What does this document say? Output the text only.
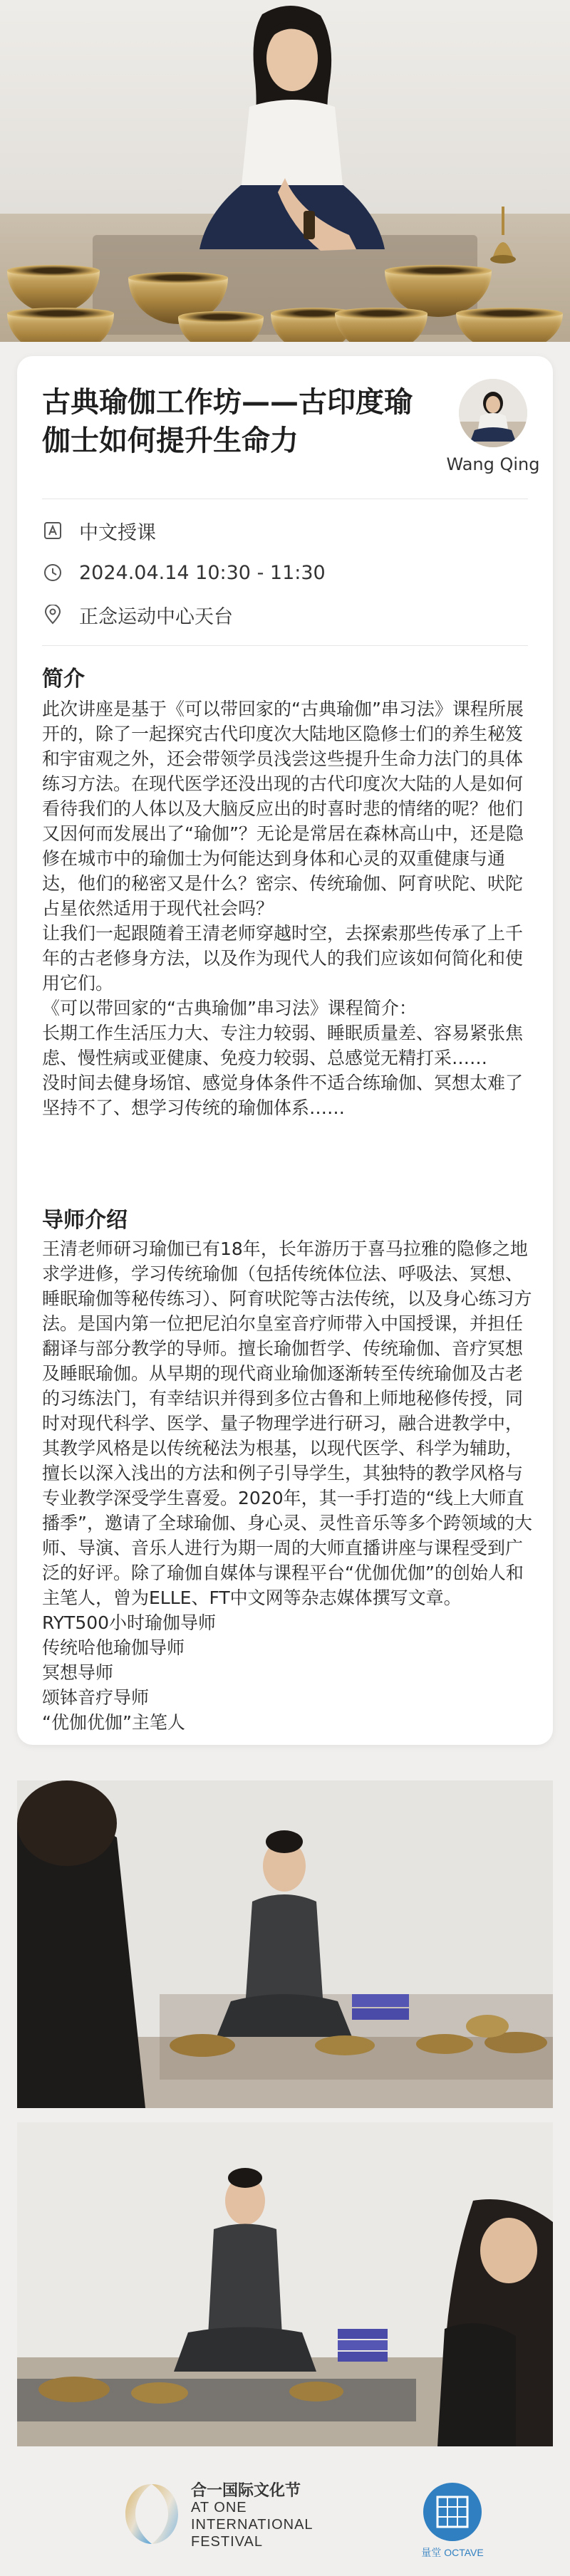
古典瑜伽工作坊——古印度瑜伽士如何提升生命力
Wang Qing
中文授课
2024.04.14 10:30 - 11:30
正念运动中心天台
简介

此次讲座是基于《可以带回家的“古典瑜伽”串习法》课程所展开的，除了一起探究古代印度次大陆地区隐修士们的养生秘笈和宇宙观之外，还会带领学员浅尝这些提升生命力法门的具体练习方法。在现代医学还没出现的古代印度次大陆的人是如何看待我们的人体以及大脑反应出的时喜时悲的情绪的呢？他们又因何而发展出了“瑜伽”？无论是常居在森林高山中，还是隐修在城市中的瑜伽士为何能达到身体和心灵的双重健康与通达，他们的秘密又是什么？密宗、传统瑜伽、阿育吠陀、吠陀占星依然适用于现代社会吗？

让我们一起跟随着王清老师穿越时空，去探索那些传承了上千年的古老修身方法，以及作为现代人的我们应该如何简化和使用它们。

《可以带回家的“古典瑜伽”串习法》课程简介：

长期工作生活压力大、专注力较弱、睡眠质量差、容易紧张焦虑、慢性病或亚健康、免疫力较弱、总感觉无精打采……

没时间去健身场馆、感觉身体条件不适合练瑜伽、冥想太难了坚持不了、想学习传统的瑜伽体系……

导师介绍

王清老师研习瑜伽已有18年，长年游历于喜马拉雅的隐修之地求学进修，学习传统瑜伽（包括传统体位法、呼吸法、冥想、睡眠瑜伽等秘传练习）、阿育吠陀等古法传统，以及身心练习方法。是国内第一位把尼泊尔皇室音疗师带入中国授课，并担任翻译与部分教学的导师。擅长瑜伽哲学、传统瑜伽、音疗冥想及睡眠瑜伽。从早期的现代商业瑜伽逐渐转至传统瑜伽及古老的习练法门，有幸结识并得到多位古鲁和上师地秘修传授，同时对现代科学、医学、量子物理学进行研习，融合进教学中，其教学风格是以传统秘法为根基，以现代医学、科学为辅助，擅长以深入浅出的方法和例子引导学生，其独特的教学风格与专业教学深受学生喜爱。2020年，其一手打造的“线上大师直播季”，邀请了全球瑜伽、身心灵、灵性音乐等多个跨领域的大师、导演、音乐人进行为期一周的大师直播讲座与课程受到广泛的好评。除了瑜伽自媒体与课程平台“优伽优伽”的创始人和主笔人，曾为ELLE、FT中文网等杂志媒体撰写文章。

RYT500小时瑜伽导师

传统哈他瑜伽导师

冥想导师

颂钵音疗导师

“优伽优伽”主笔人

合一国际文化节
AT ONE
INTERNATIONAL
FESTIVAL
量堂 OCTAVE
